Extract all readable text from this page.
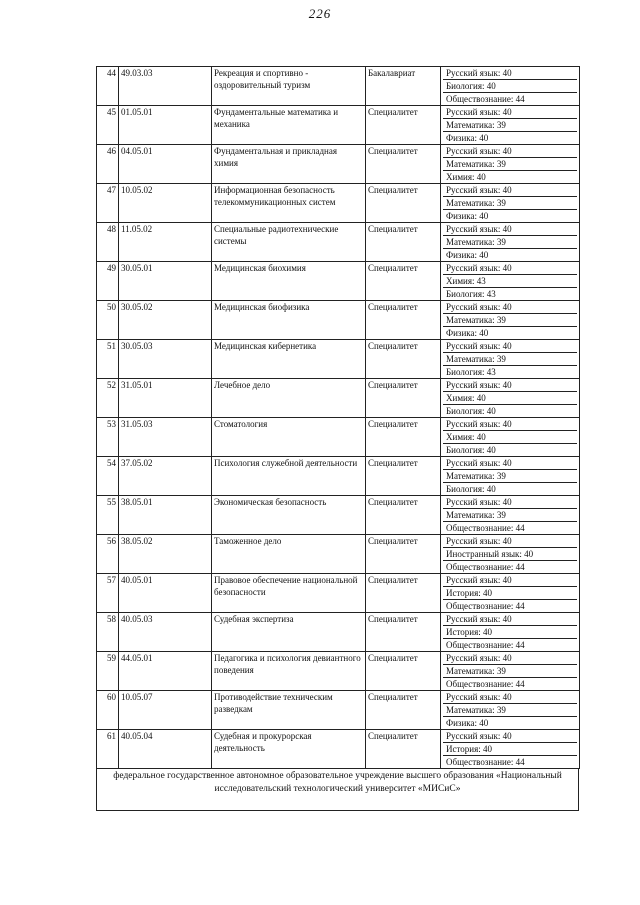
226
44	49.03.03	Рекреация и спортивно - оздоровительный туризм	Бакалавриат	Русский язык: 40
Биология: 40
Обществознание: 44

45	01.05.01	Фундаментальные математика и механика	Специалитет	Русский язык: 40
Математика: 39
Физика: 40

46	04.05.01	Фундаментальная и прикладная химия	Специалитет	Русский язык: 40
Математика: 39
Химия: 40

47	10.05.02	Информационная безопасность телекоммуникационных систем	Специалитет	Русский язык: 40
Математика: 39
Физика: 40

48	11.05.02	Специальные радиотехнические системы	Специалитет	Русский язык: 40
Математика: 39
Физика: 40

49	30.05.01	Медицинская биохимия	Специалитет	Русский язык: 40
Химия: 43
Биология: 43

50	30.05.02	Медицинская биофизика	Специалитет	Русский язык: 40
Математика: 39
Физика: 40

51	30.05.03	Медицинская кибернетика	Специалитет	Русский язык: 40
Математика: 39
Биология: 43

52	31.05.01	Лечебное дело	Специалитет	Русский язык: 40
Химия: 40
Биология: 40

53	31.05.03	Стоматология	Специалитет	Русский язык: 40
Химия: 40
Биология: 40

54	37.05.02	Психология служебной деятельности	Специалитет	Русский язык: 40
Математика: 39
Биология: 40

55	38.05.01	Экономическая безопасность	Специалитет	Русский язык: 40
Математика: 39
Обществознание: 44

56	38.05.02	Таможенное дело	Специалитет	Русский язык: 40
Иностранный язык: 40
Обществознание: 44

57	40.05.01	Правовое обеспечение национальной безопасности	Специалитет	Русский язык: 40
История: 40
Обществознание: 44

58	40.05.03	Судебная экспертиза	Специалитет	Русский язык: 40
История: 40
Обществознание: 44

59	44.05.01	Педагогика и психология девиантного поведения	Специалитет	Русский язык: 40
Математика: 39
Обществознание: 44

60	10.05.07	Противодействие техническим разведкам	Специалитет	Русский язык: 40
Математика: 39
Физика: 40

61	40.05.04	Судебная и прокурорская деятельность	Специалитет	Русский язык: 40
История: 40
Обществознание: 44
федеральное государственное автономное образовательное учреждение высшего образования «Национальный исследовательский технологический университет «МИСиС»
